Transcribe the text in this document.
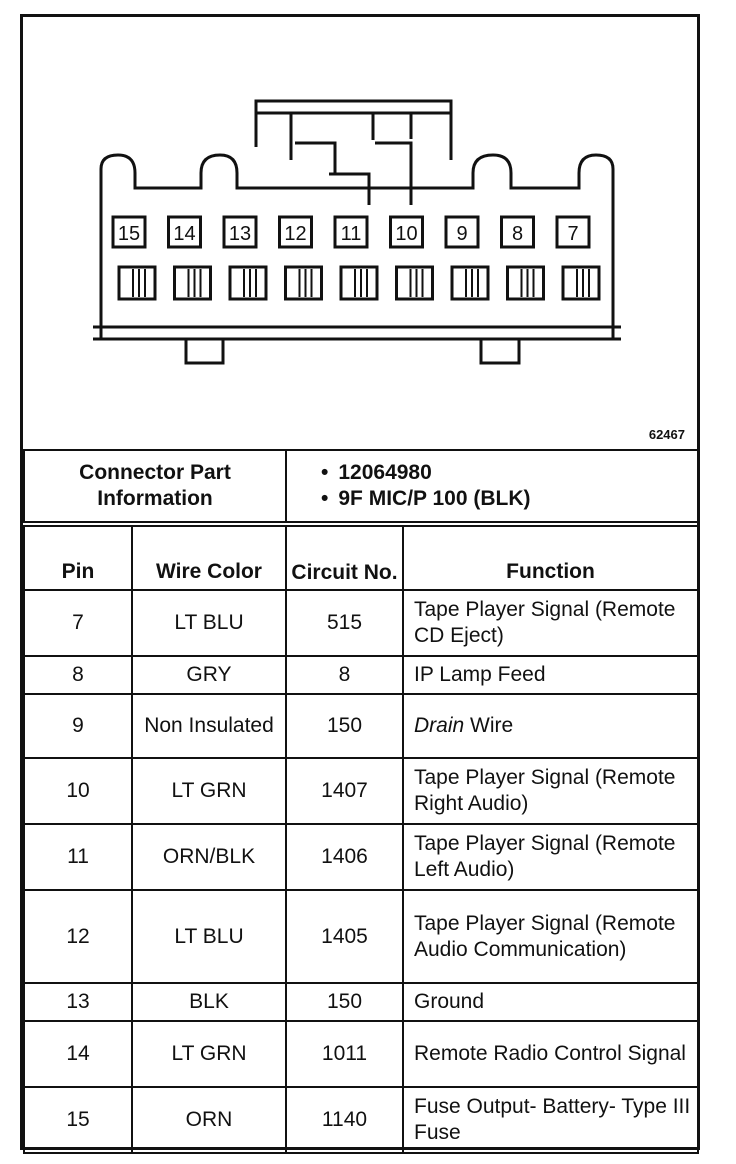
15 14 13 12 11 10 9 8 7
62467
Connector Part Information	
• 12064980
• 9F MIC/P 100 (BLK)
Pin	Wire Color	Circuit No.	Function
7	LT BLU	515	Tape Player Signal (Remote CD Eject)
8	GRY	8	IP Lamp Feed
9	Non Insulated	150	Drain Wire
10	LT GRN	1407	Tape Player Signal (Remote Right Audio)
11	ORN/BLK	1406	Tape Player Signal (Remote Left Audio)
12	LT BLU	1405	Tape Player Signal (Remote Audio Communication)
13	BLK	150	Ground
14	LT GRN	1011	Remote Radio Control Signal
15	ORN	1140	Fuse Output- Battery- Type III Fuse
